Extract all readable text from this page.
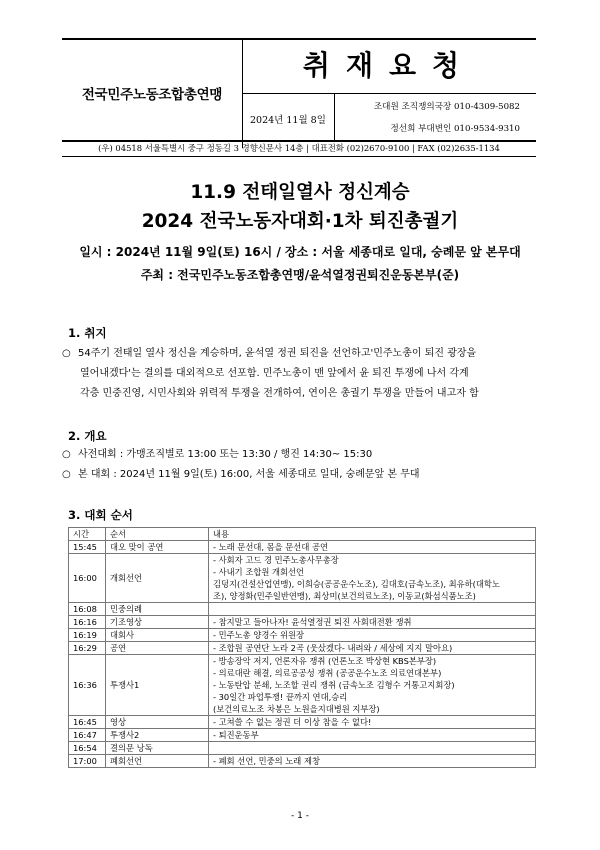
전국민주노동조합총연맹
취재요청
2024년 11월 8일
조대원 조직쟁의국장 010-4309-5082
정선희 부대변인 010-9534-9310
(우) 04518 서울특별시 중구 정동길 3 경향신문사 14층 | 대표전화 (02)2670-9100 | FAX (02)2635-1134
11.9 전태일열사 정신계승
2024 전국노동자대회·1차 퇴진총궐기
일시 : 2024년 11월 9일(토) 16시 / 장소 : 서울 세종대로 일대, 숭례문 앞 본무대
주최 : 전국민주노동조합총연맹/윤석열정권퇴진운동본부(준)
1. 취지
○ 54주기 전태일 열사 정신을 계승하며, 윤석열 정권 퇴진을 선언하고'민주노총이 퇴진 광장을
열어내겠다'는 결의를 대외적으로 선포함. 민주노총이 맨 앞에서 윤 퇴진 투쟁에 나서 각계
각층 민중진영, 시민사회와 위력적 투쟁을 전개하여, 연이은 총궐기 투쟁을 만들어 내고자 함
2. 개요
○ 사전대회 : 가맹조직별로 13:00 또는 13:30 / 행진 14:30~ 15:30
○ 본 대회 : 2024년 11월 9일(토) 16:00, 서울 세종대로 일대, 숭례문앞 본 무대
3. 대회 순서
시간	순서	내용
15:45	대오 맞이 공연	- 노래 문선대, 몸을 문선대 공연

16:00	개회선언	- 사회자 고드 경 민주노총사무총장
- 사내기 조합원 개회선언
김덩지(건설산업연맹), 이희승(공공운수노조), 김대호(금속노조), 최유하(대학노
조), 양정화(민주일반연맹), 최상미(보건의료노조), 이동교(화섬식품노조)

16:08	민중의례	
16:16	기조영상	- 참지말고 들아나자! 윤석열정권 퇴진 사회대전환 쟁취

16:19	대회사	- 민주노총 양경수 위원장

16:29	공연	- 조합원 공연단 노라 2곡 (웃샀겠다- 내려와 / 세상에 지지 말아요)

16:36	투쟁사1	- 방송장악 저지, 언론자유 쟁취 (언론노조 박상현 KBS본부장)
- 의료대란 해결, 의료공공성 쟁취 (공공운수노조 의료연대본부)
- 노동탄압 분쇄, 노조할 권리 쟁취 (금속노조 김형수 거통고지회장)
- 30일간 파업투쟁! 끝까지 연대,승리
(보건의료노조 차봉은 노원을지대병원 지부장)

16:45	영상	- 고쳐쓸 수 없는 정권 더 이상 참을 수 없다!

16:47	투쟁사2	- 퇴진운동부

16:54	결의문 낭독	
17:00	폐회선언	- 폐회 선언, 민중의 노래 제창
- 1 -
